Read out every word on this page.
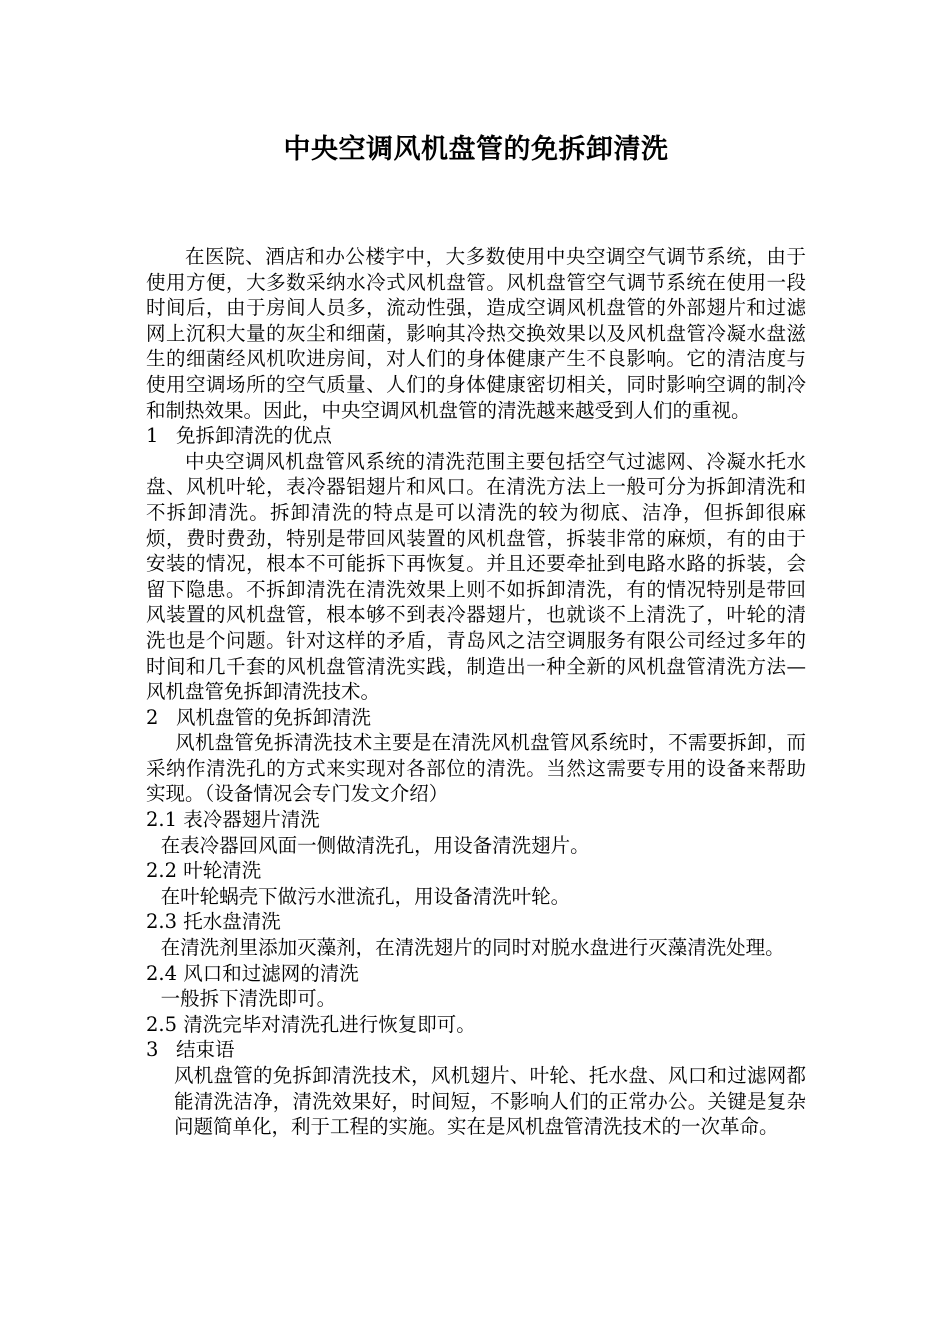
中央空调风机盘管的免拆卸清洗

在医院、酒店和办公楼宇中，大多数使用中央空调空气调节系统，由于使用方便，大多数采纳水冷式风机盘管。风机盘管空气调节系统在使用一段时间后，由于房间人员多，流动性强，造成空调风机盘管的外部翅片和过滤网上沉积大量的灰尘和细菌，影响其冷热交换效果以及风机盘管冷凝水盘滋生的细菌经风机吹进房间，对人们的身体健康产生不良影响。它的清洁度与使用空调场所的空气质量、人们的身体健康密切相关，同时影响空调的制冷和制热效果。因此，中央空调风机盘管的清洗越来越受到人们的重视。

1 免拆卸清洗的优点

中央空调风机盘管风系统的清洗范围主要包括空气过滤网、冷凝水托水盘、风机叶轮，表冷器铝翅片和风口。在清洗方法上一般可分为拆卸清洗和不拆卸清洗。拆卸清洗的特点是可以清洗的较为彻底、洁净，但拆卸很麻烦，费时费劲，特别是带回风装置的风机盘管，拆装非常的麻烦，有的由于安装的情况，根本不可能拆下再恢复。并且还要牵扯到电路水路的拆装，会留下隐患。不拆卸清洗在清洗效果上则不如拆卸清洗，有的情况特别是带回风装置的风机盘管，根本够不到表冷器翅片，也就谈不上清洗了，叶轮的清洗也是个问题。针对这样的矛盾，青岛风之洁空调服务有限公司经过多年的时间和几千套的风机盘管清洗实践，制造出一种全新的风机盘管清洗方法—风机盘管免拆卸清洗技术。

2 风机盘管的免拆卸清洗

风机盘管免拆清洗技术主要是在清洗风机盘管风系统时，不需要拆卸，而采纳作清洗孔的方式来实现对各部位的清洗。当然这需要专用的设备来帮助实现。（设备情况会专门发文介绍）

2.1 表冷器翅片清洗

在表冷器回风面一侧做清洗孔，用设备清洗翅片。

2.2 叶轮清洗

在叶轮蜗壳下做污水泄流孔，用设备清洗叶轮。

2.3 托水盘清洗

在清洗剂里添加灭藻剂，在清洗翅片的同时对脱水盘进行灭藻清洗处理。

2.4 风口和过滤网的清洗

一般拆下清洗即可。

2.5 清洗完毕对清洗孔进行恢复即可。
3 结束语

风机盘管的免拆卸清洗技术，风机翅片、叶轮、托水盘、风口和过滤网都能清洗洁净，清洗效果好，时间短，不影响人们的正常办公。关键是复杂问题简单化，利于工程的实施。实在是风机盘管清洗技术的一次革命。
